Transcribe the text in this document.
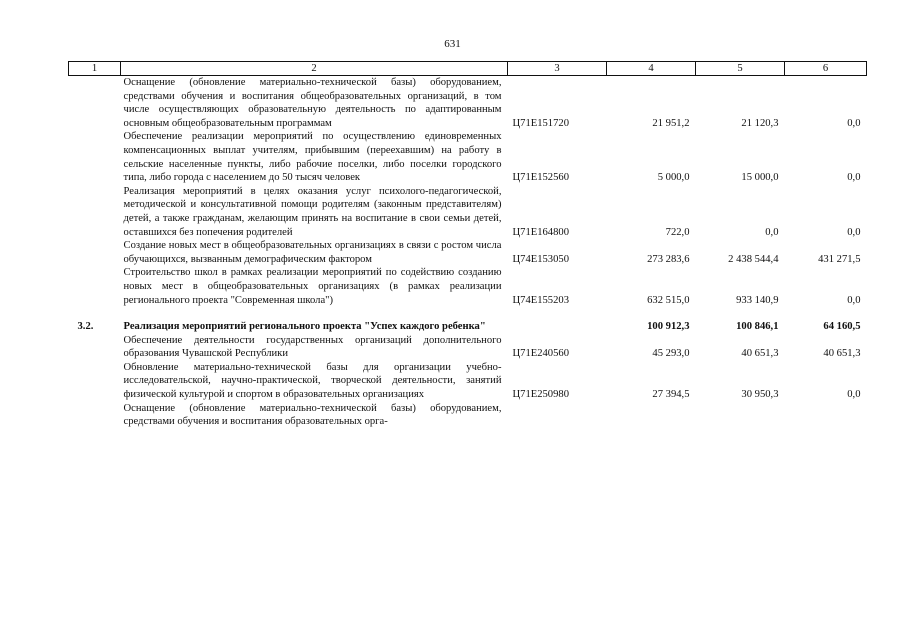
631
1	2	3	4	5	6
	Оснащение (обновление материально-технической базы) оборудованием, средствами обучения и воспитания общеобразовательных организаций, в том числе осуществляющих образовательную деятельность по адаптированным основным общеобразовательным программам	Ц71Е151720	21 951,2	21 120,3	0,0
	Обеспечение реализации мероприятий по осуществлению единовременных компенсационных выплат учителям, прибывшим (переехавшим) на работу в сельские населенные пункты, либо рабочие поселки, либо поселки городского типа, либо города с населением до 50 тысяч человек	Ц71Е152560	5 000,0	15 000,0	0,0
	Реализация мероприятий в целях оказания услуг психолого-педагогической, методической и консультативной помощи родителям (законным представителям) детей, а также гражданам, желающим принять на воспитание в свои семьи детей, оставшихся без попечения родителей	Ц71Е164800	722,0	0,0	0,0
	Создание новых мест в общеобразовательных организациях в связи с ростом числа обучающихся, вызванным демографическим фактором	Ц74Е153050	273 283,6	2 438 544,4	431 271,5
	Строительство школ в рамках реализации мероприятий по содействию созданию новых мест в общеобразовательных организациях (в рамках реализации регионального проекта "Современная школа")	Ц74Е155203	632 515,0	933 140,9	0,0

3.2.	Реализация мероприятий регионального проекта "Успех каждого ребенка"		100 912,3	100 846,1	64 160,5
	Обеспечение деятельности государственных организаций дополнительного образования Чувашской Республики	Ц71Е240560	45 293,0	40 651,3	40 651,3
	Обновление материально-технической базы для организации учебно-исследовательской, научно-практической, творческой деятельности, занятий физической культурой и спортом в образовательных организациях	Ц71Е250980	27 394,5	30 950,3	0,0
	Оснащение (обновление материально-технической базы) оборудованием, средствами обучения и воспитания образовательных орга-				
